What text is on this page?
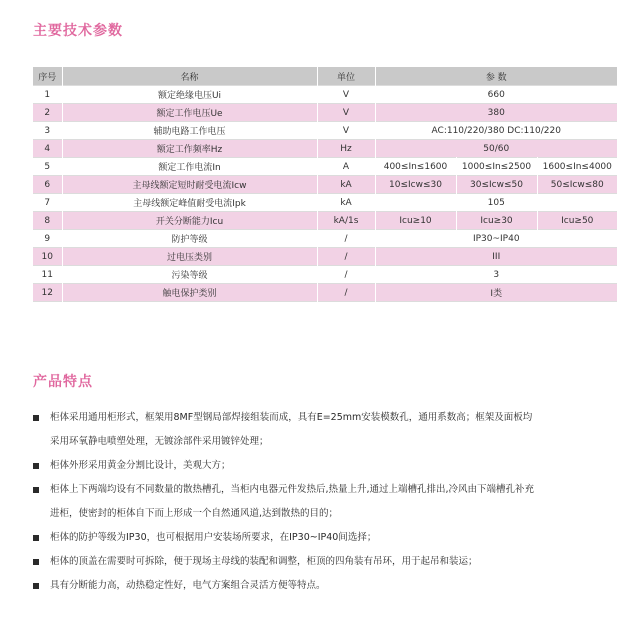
主要技术参数
序号	名称	单位	参 数		
1	额定绝缘电压Ui	V	660		
2	额定工作电压Ue	V	380		
3	辅助电路工作电压	V	AC:110/220/380 DC:110/220		
4	额定工作频率Hz	Hz	50/60		
5	额定工作电流In	A	400≤In≤1600	1000≤In≤2500	1600≤In≤4000
6	主母线额定短时耐受电流Icw	kA	10≤Icw≤30	30≤Icw≤50	50≤Icw≤80
7	主母线额定峰值耐受电流Ipk	kA	105		
8	开关分断能力Icu	kA/1s	Icu≥10	Icu≥30	Icu≥50
9	防护等级	/	IP30~IP40		
10	过电压类别	/	III		
11	污染等级	/	3		
12	触电保护类别	/	I类		
产品特点
柜体采用通用柜形式，框架用8MF型钢局部焊接组装而成，具有E=25mm安装模数孔，通用系数高；框架及面板均
采用环氧静电喷塑处理，无镀涂部件采用镀锌处理；
柜体外形采用黄金分割比设计，美观大方；
柜体上下两端均设有不同数量的散热槽孔，当柜内电器元件发热后,热量上升,通过上端槽孔排出,冷风由下端槽孔补充
进柜，使密封的柜体自下而上形成一个自然通风道,达到散热的目的；
柜体的防护等级为IP30，也可根据用户安装场所要求，在IP30~IP40间选择；
柜体的顶盖在需要时可拆除，便于现场主母线的装配和调整，柜顶的四角装有吊环，用于起吊和装运；
具有分断能力高，动热稳定性好，电气方案组合灵活方便等特点。
